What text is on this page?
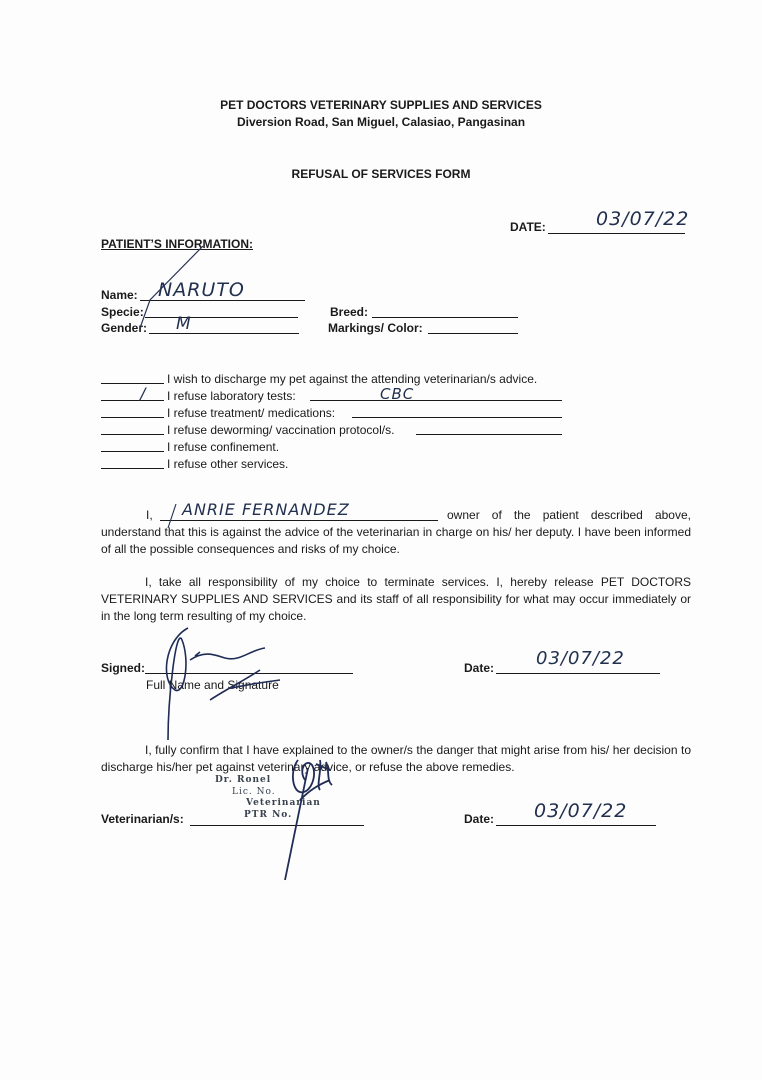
PET DOCTORS VETERINARY SUPPLIES AND SERVICES
Diversion Road, San Miguel, Calasiao, Pangasinan
REFUSAL OF SERVICES FORM
DATE:	03/07/22
PATIENT’S INFORMATION:
Name: NARUTO
Specie:	Breed:
Gender: M	Markings/ Color:
I wish to discharge my pet against the attending veterinarian/s advice.
/ I refuse laboratory tests:	CBC
I refuse treatment/ medications:
I refuse deworming/ vaccination protocol/s.
I refuse confinement.
I refuse other services.
I, ANRIE FERNANDEZ	owner of the patient described above,
understand that this is against the advice of the veterinarian in charge on his/ her deputy. I have been informed of all the possible consequences and risks of my choice.
I, take all responsibility of my choice to terminate services. I, hereby release PET DOCTORS VETERINARY SUPPLIES AND SERVICES and its staff of all responsibility for what may occur immediately or in the long term resulting of my choice.
Signed:
Full Name and Signature
Date: 03/07/22
I, fully confirm that I have explained to the owner/s the danger that might arise from his/ her decision to discharge his/her pet against veterinary advice, or refuse the above remedies.
Dr. Ronel
Lic. No.
Veterinarian
PTR No.
Veterinarian/s:	Date: 03/07/22
